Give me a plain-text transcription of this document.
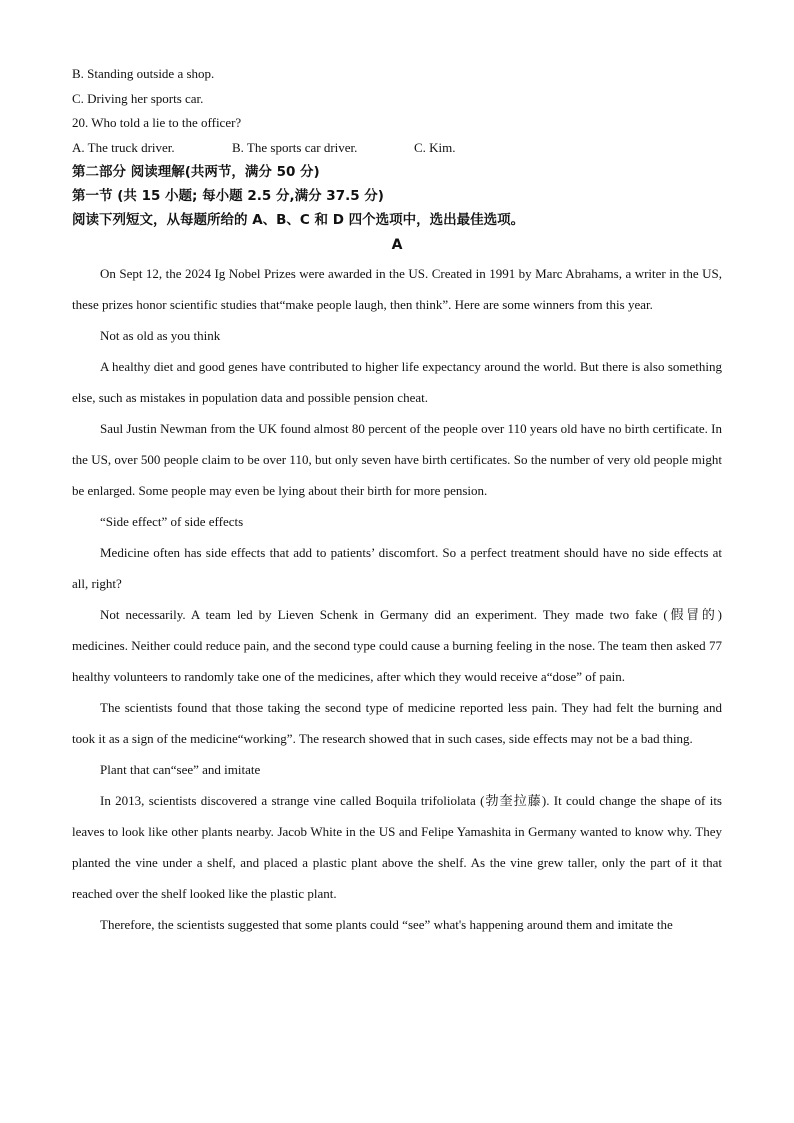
B. Standing outside a shop.

C. Driving her sports car.

20. Who told a lie to the officer?

A. The truck driver.	B. The sports car driver.	C. Kim.

第二部分 阅读理解(共两节，满分 50 分)

第一节 (共 15 小题; 每小题 2.5 分,满分 37.5 分)

阅读下列短文，从每题所给的 A、B、C 和 D 四个选项中，选出最佳选项。

A

On Sept 12, the 2024 Ig Nobel Prizes were awarded in the US. Created in 1991 by Marc Abrahams, a writer in the US, these prizes honor scientific studies that“make people laugh, then think”. Here are some winners from this year.

Not as old as you think

A healthy diet and good genes have contributed to higher life expectancy around the world. But there is also something else, such as mistakes in population data and possible pension cheat.

Saul Justin Newman from the UK found almost 80 percent of the people over 110 years old have no birth certificate. In the US, over 500 people claim to be over 110, but only seven have birth certificates. So the number of very old people might be enlarged. Some people may even be lying about their birth for more pension.

“Side effect” of side effects

Medicine often has side effects that add to patients’ discomfort. So a perfect treatment should have no side effects at all, right?

Not necessarily. A team led by Lieven Schenk in Germany did an experiment. They made two fake (假冒的) medicines. Neither could reduce pain, and the second type could cause a burning feeling in the nose. The team then asked 77 healthy volunteers to randomly take one of the medicines, after which they would receive a“dose” of pain.

The scientists found that those taking the second type of medicine reported less pain. They had felt the burning and took it as a sign of the medicine“working”. The research showed that in such cases, side effects may not be a bad thing.

Plant that can“see” and imitate

In 2013, scientists discovered a strange vine called Boquila trifoliolata (勃奎拉藤). It could change the shape of its leaves to look like other plants nearby. Jacob White in the US and Felipe Yamashita in Germany wanted to know why. They planted the vine under a shelf, and placed a plastic plant above the shelf. As the vine grew taller, only the part of it that reached over the shelf looked like the plastic plant.

Therefore, the scientists suggested that some plants could “see” what's happening around them and imitate the
